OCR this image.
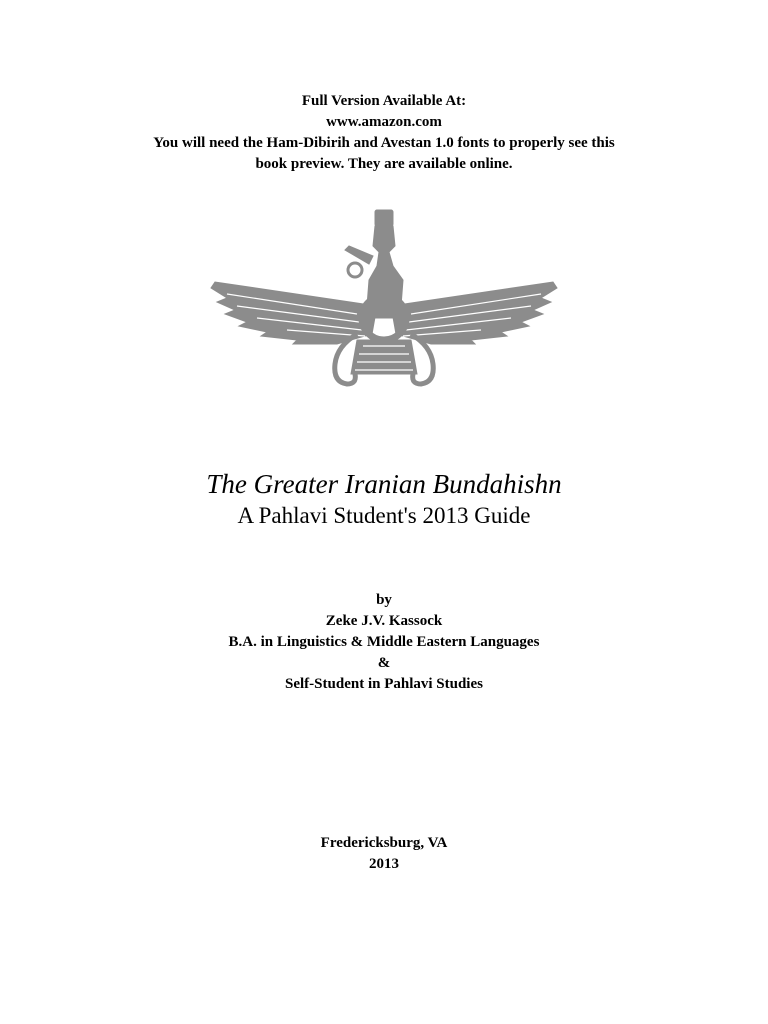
Full Version Available At:
www.amazon.com
You will need the Ham-Dibirih and Avestan 1.0 fonts to properly see this
book preview. They are available online.
The Greater Iranian Bundahishn
A Pahlavi Student's 2013 Guide
by
Zeke J.V. Kassock
B.A. in Linguistics & Middle Eastern Languages
&
Self-Student in Pahlavi Studies
Fredericksburg, VA
2013
